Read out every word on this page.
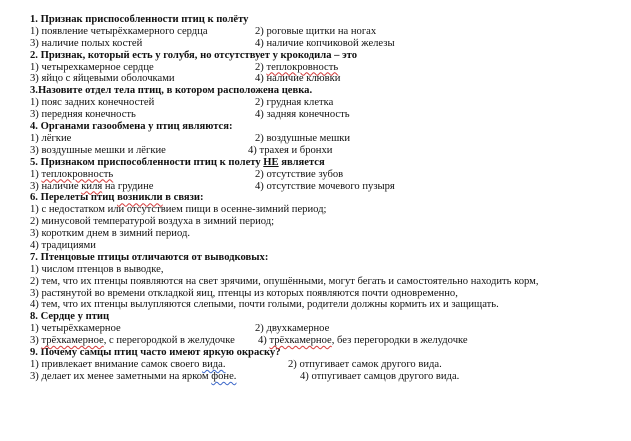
1. Признак приспособленности птиц к полёту
1) появление четырёхкамерного сердца	2) роговые щитки на ногах
3) наличие полых костей	4) наличие копчиковой железы
2. Признак, который есть у голубя, но отсутствует у крокодила – это
1) четырехкамерное сердце	2) теплокровность
3) яйцо с яйцевыми оболочками	4) наличие клювки
3.Назовите отдел тела птиц, в котором расположена цевка.
1) пояс задних конечностей	2) грудная клетка
3) передняя конечность	4) задняя конечность
4. Органами газообмена у птиц являются:
1) лёгкие	2) воздушные мешки
3) воздушные мешки и лёгкие	4) трахея и бронхи
5. Признаком приспособленности птиц к полету НЕ является
1) теплокровность	2) отсутствие зубов
3) наличие киля на грудине	4) отсутствие мочевого пузыря
6. Перелеты птиц возникли в связи:
1) с недостатком или отсутствием пищи в осенне-зимний период;
2) минусовой температурой воздуха в зимний период;
3) коротким днем в зимний период.
4) традициями
7. Птенцовые птицы отличаются от выводковых:
1) числом птенцов в выводке,
2) тем, что их птенцы появляются на свет зрячими, опушёнными, могут бегать и самостоятельно находить корм,
3) растянутой во времени откладкой яиц, птенцы из которых появляются почти одновременно,
4) тем, что их птенцы вылупляются слепыми, почти голыми, родители должны кормить их и защищать.
8. Сердце у птиц
1) четырёхкамерное	2) двухкамерное
3) трёхкамерное, с перегородкой в желудочке 4) трёхкамерное, без перегородки в желудочке
9. Почему самцы птиц часто имеют яркую окраску?
1) привлекает внимание самок своего вида.	2) отпугивает самок другого вида.
3) делает их менее заметными на ярком фоне.	4) отпугивает самцов другого вида.
